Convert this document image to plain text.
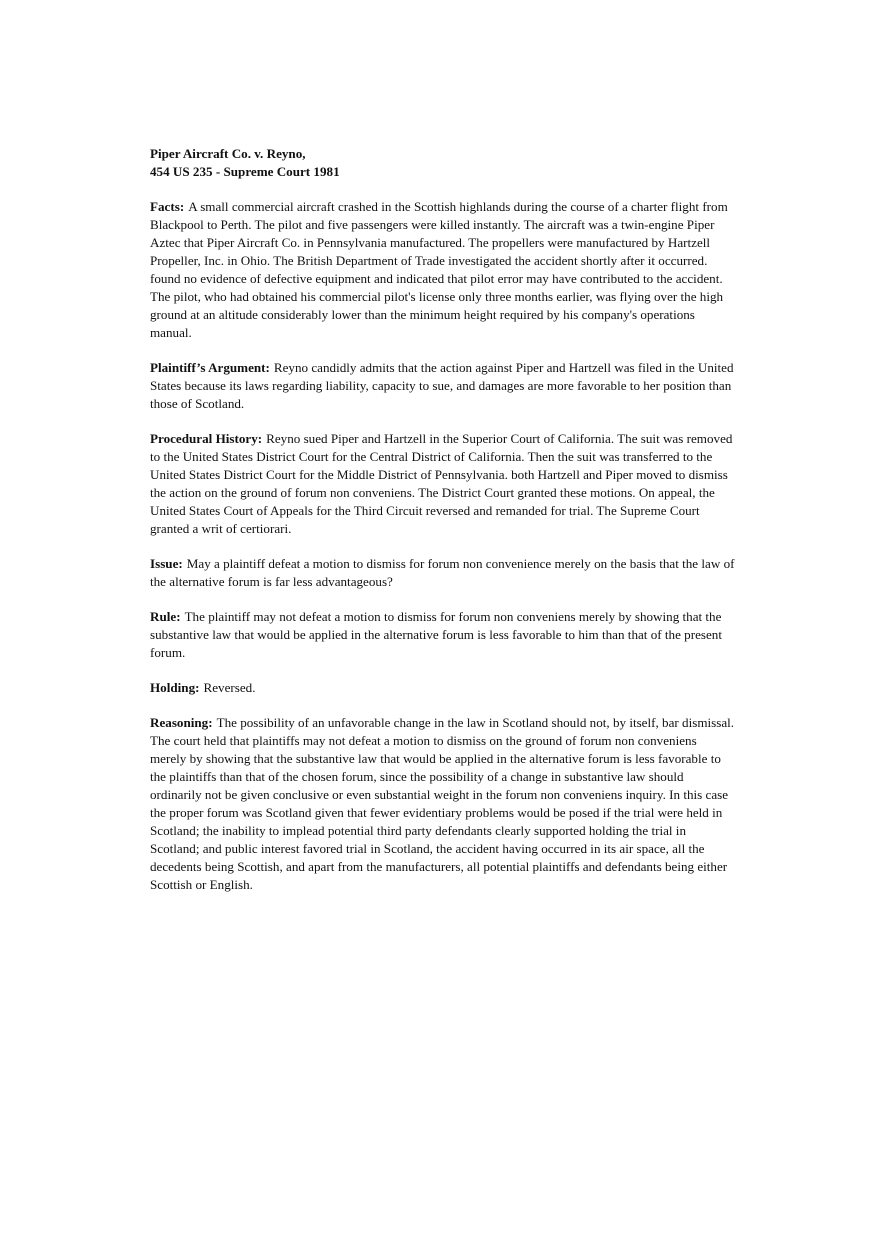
Piper Aircraft Co. v. Reyno,
454 US 235 - Supreme Court 1981

Facts: A small commercial aircraft crashed in the Scottish highlands during the course of a charter flight from Blackpool to Perth. The pilot and five passengers were killed instantly. The aircraft was a twin-engine Piper Aztec that Piper Aircraft Co. in Pennsylvania manufactured. The propellers were manufactured by Hartzell Propeller, Inc. in Ohio. The British Department of Trade investigated the accident shortly after it occurred. found no evidence of defective equipment and indicated that pilot error may have contributed to the accident. The pilot, who had obtained his commercial pilot's license only three months earlier, was flying over the high ground at an altitude considerably lower than the minimum height required by his company's operations manual.

Plaintiff’s Argument: Reyno candidly admits that the action against Piper and Hartzell was filed in the United States because its laws regarding liability, capacity to sue, and damages are more favorable to her position than those of Scotland.

Procedural History: Reyno sued Piper and Hartzell in the Superior Court of California. The suit was removed to the United States District Court for the Central District of California. Then the suit was transferred to the United States District Court for the Middle District of Pennsylvania. both Hartzell and Piper moved to dismiss the action on the ground of forum non conveniens. The District Court granted these motions. On appeal, the United States Court of Appeals for the Third Circuit reversed and remanded for trial. The Supreme Court granted a writ of certiorari.

Issue: May a plaintiff defeat a motion to dismiss for forum non convenience merely on the basis that the law of the alternative forum is far less advantageous?

Rule: The plaintiff may not defeat a motion to dismiss for forum non conveniens merely by showing that the substantive law that would be applied in the alternative forum is less favorable to him than that of the present forum.

Holding: Reversed.

Reasoning: The possibility of an unfavorable change in the law in Scotland should not, by itself, bar dismissal. The court held that plaintiffs may not defeat a motion to dismiss on the ground of forum non conveniens merely by showing that the substantive law that would be applied in the alternative forum is less favorable to the plaintiffs than that of the chosen forum, since the possibility of a change in substantive law should ordinarily not be given conclusive or even substantial weight in the forum non conveniens inquiry. In this case the proper forum was Scotland given that fewer evidentiary problems would be posed if the trial were held in Scotland; the inability to implead potential third party defendants clearly supported holding the trial in Scotland; and public interest favored trial in Scotland, the accident having occurred in its air space, all the decedents being Scottish, and apart from the manufacturers, all potential plaintiffs and defendants being either Scottish or English.
